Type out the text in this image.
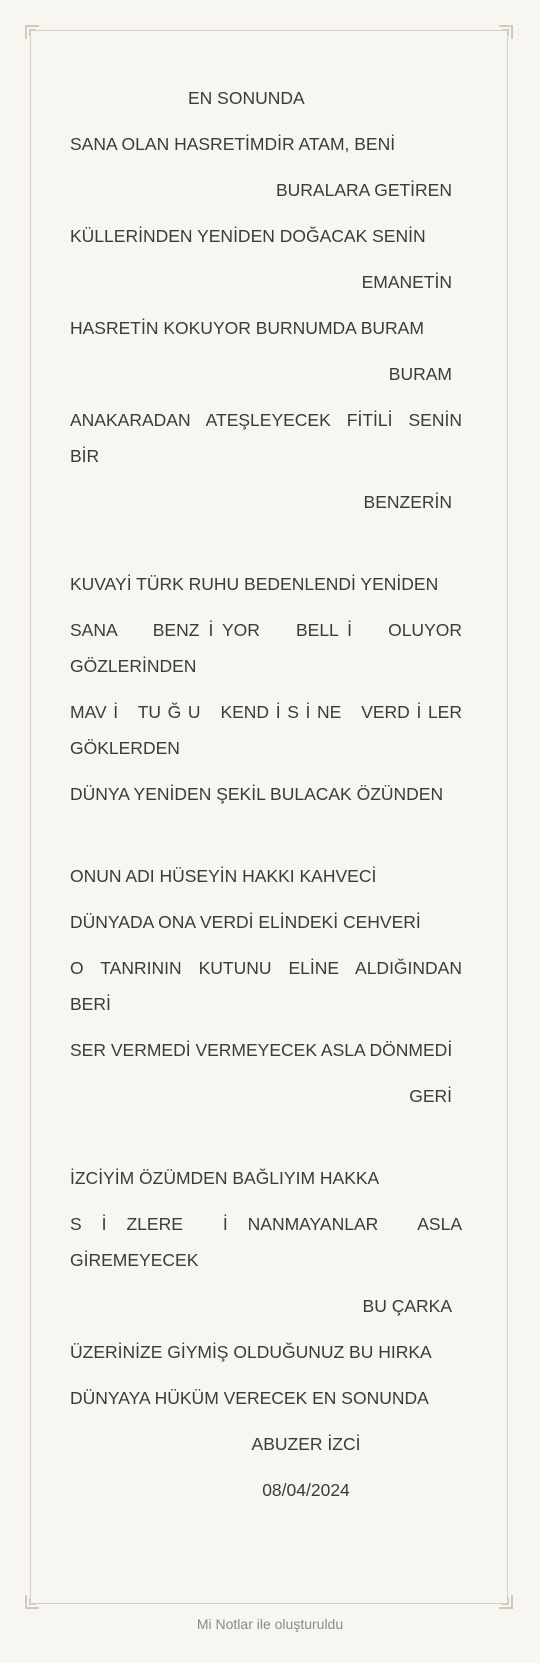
EN SONUNDA
SANA OLAN HASRETİMDİR ATAM, BENİ
BURALARA GETİREN
KÜLLERİNDEN YENİDEN DOĞACAK SENİN
EMANETİN
HASRETİN KOKUYOR BURNUMDA BURAM
BURAM
ANAKARADAN ATEŞLEYECEK FİTİLİ SENİN BİR
BENZERİN
KUVAYİ TÜRK RUHU BEDENLENDİ YENİDEN
SANA    BENZ İ YOR    BELL İ    OLUYOR GÖZLERİNDEN
MAV İ   TU Ğ U   KEND İ S İ NE   VERD İ LER GÖKLERDEN
DÜNYA YENİDEN ŞEKİL BULACAK ÖZÜNDEN
ONUN ADI HÜSEYİN HAKKI KAHVECİ
DÜNYADA ONA VERDİ ELİNDEKİ CEHVERİ
O  TANRININ  KUTUNU  ELİNE  ALDIĞINDAN BERİ
SER VERMEDİ VERMEYECEK ASLA DÖNMEDİ
GERİ
İZCİYİM ÖZÜMDEN BAĞLIYIM HAKKA
S  İ  ZLERE    İ  NANMAYANLAR    ASLA GİREMEYECEK
BU ÇARKA
ÜZERİNİZE GİYMİŞ OLDUĞUNUZ BU HIRKA
DÜNYAYA HÜKÜM VERECEK EN SONUNDA
ABUZER İZCİ
08/04/2024
Mi Notlar ile oluşturuldu
